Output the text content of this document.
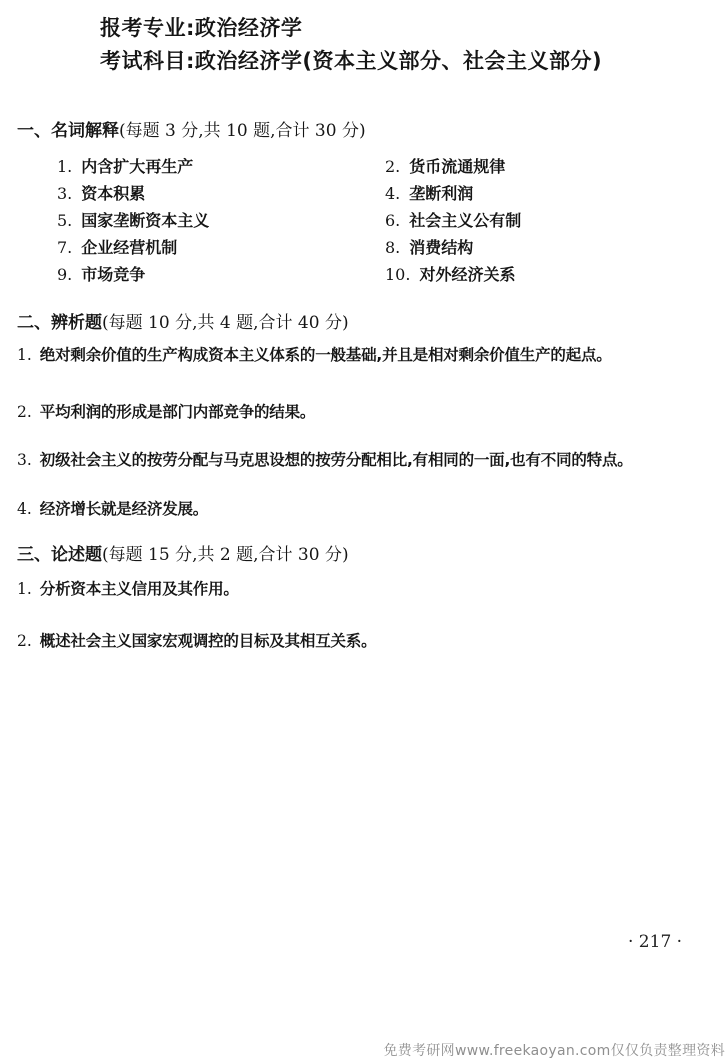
报考专业:政治经济学
考试科目:政治经济学(资本主义部分、社会主义部分)
一、名词解释(每题 3 分,共 10 题,合计 30 分)
1. 内含扩大再生产	2. 货币流通规律
3. 资本积累	4. 垄断利润
5. 国家垄断资本主义	6. 社会主义公有制
7. 企业经营机制	8. 消费结构
9. 市场竞争	10. 对外经济关系
二、辨析题(每题 10 分,共 4 题,合计 40 分)
1. 绝对剩余价值的生产构成资本主义体系的一般基础,并且是相对剩余价值生产的起点。
2. 平均利润的形成是部门内部竞争的结果。
3. 初级社会主义的按劳分配与马克思设想的按劳分配相比,有相同的一面,也有不同的特点。
4. 经济增长就是经济发展。
三、论述题(每题 15 分,共 2 题,合计 30 分)
1. 分析资本主义信用及其作用。
2. 概述社会主义国家宏观调控的目标及其相互关系。
· 217 ·
免费考研网www.freekaoyan.com仅仅负责整理资料
